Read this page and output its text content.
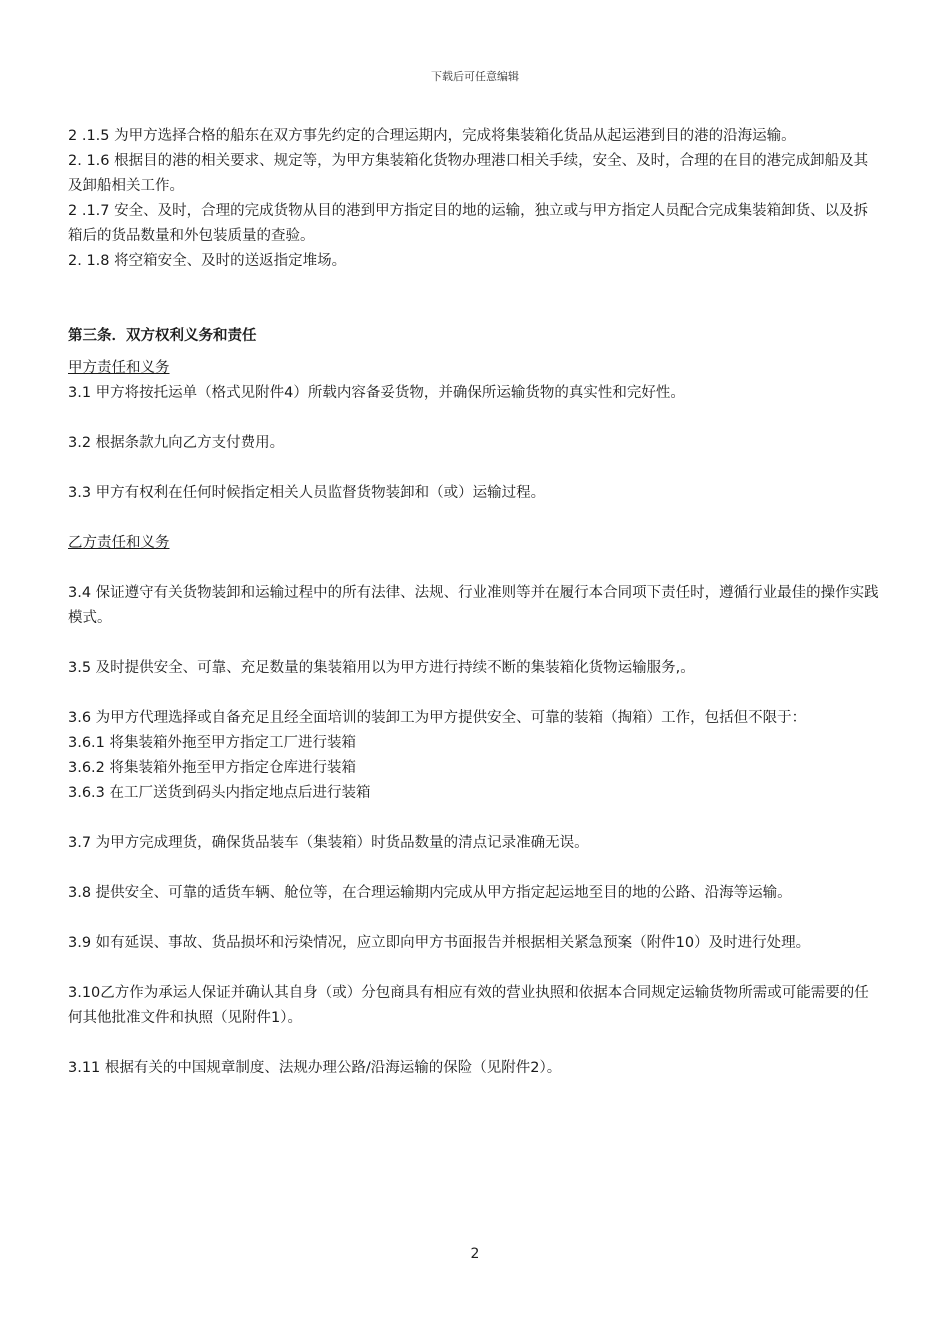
下载后可任意编辑

2 .1.5 为甲方选择合格的船东在双方事先约定的合理运期内，完成将集装箱化货品从起运港到目的港的沿海运输。

2. 1.6 根据目的港的相关要求、规定等，为甲方集装箱化货物办理港口相关手续，安全、及时，合理的在目的港完成卸船及其及卸船相关工作。

2 .1.7 安全、及时，合理的完成货物从目的港到甲方指定目的地的运输，独立或与甲方指定人员配合完成集装箱卸货、以及拆箱后的货品数量和外包装质量的查验。

2. 1.8 将空箱安全、及时的送返指定堆场。

第三条．双方权利义务和责任

甲方责任和义务

3.1 甲方将按托运单（格式见附件4）所载内容备妥货物，并确保所运输货物的真实性和完好性。

3.2 根据条款九向乙方支付费用。

3.3 甲方有权利在任何时候指定相关人员监督货物装卸和（或）运输过程。

乙方责任和义务

3.4 保证遵守有关货物装卸和运输过程中的所有法律、法规、行业准则等并在履行本合同项下责任时，遵循行业最佳的操作实践模式。

3.5 及时提供安全、可靠、充足数量的集装箱用以为甲方进行持续不断的集装箱化货物运输服务,。

3.6 为甲方代理选择或自备充足且经全面培训的装卸工为甲方提供安全、可靠的装箱（掏箱）工作，包括但不限于：

3.6.1 将集装箱外拖至甲方指定工厂进行装箱

3.6.2 将集装箱外拖至甲方指定仓库进行装箱

3.6.3 在工厂送货到码头内指定地点后进行装箱

3.7 为甲方完成理货，确保货品装车（集装箱）时货品数量的清点记录准确无误。

3.8 提供安全、可靠的适货车辆、舱位等，在合理运输期内完成从甲方指定起运地至目的地的公路、沿海等运输。

3.9 如有延误、事故、货品损坏和污染情况，应立即向甲方书面报告并根据相关紧急预案（附件10）及时进行处理。

3.10乙方作为承运人保证并确认其自身（或）分包商具有相应有效的营业执照和依据本合同规定运输货物所需或可能需要的任何其他批准文件和执照（见附件1）。

3.11 根据有关的中国规章制度、法规办理公路/沿海运输的保险（见附件2）。

2
